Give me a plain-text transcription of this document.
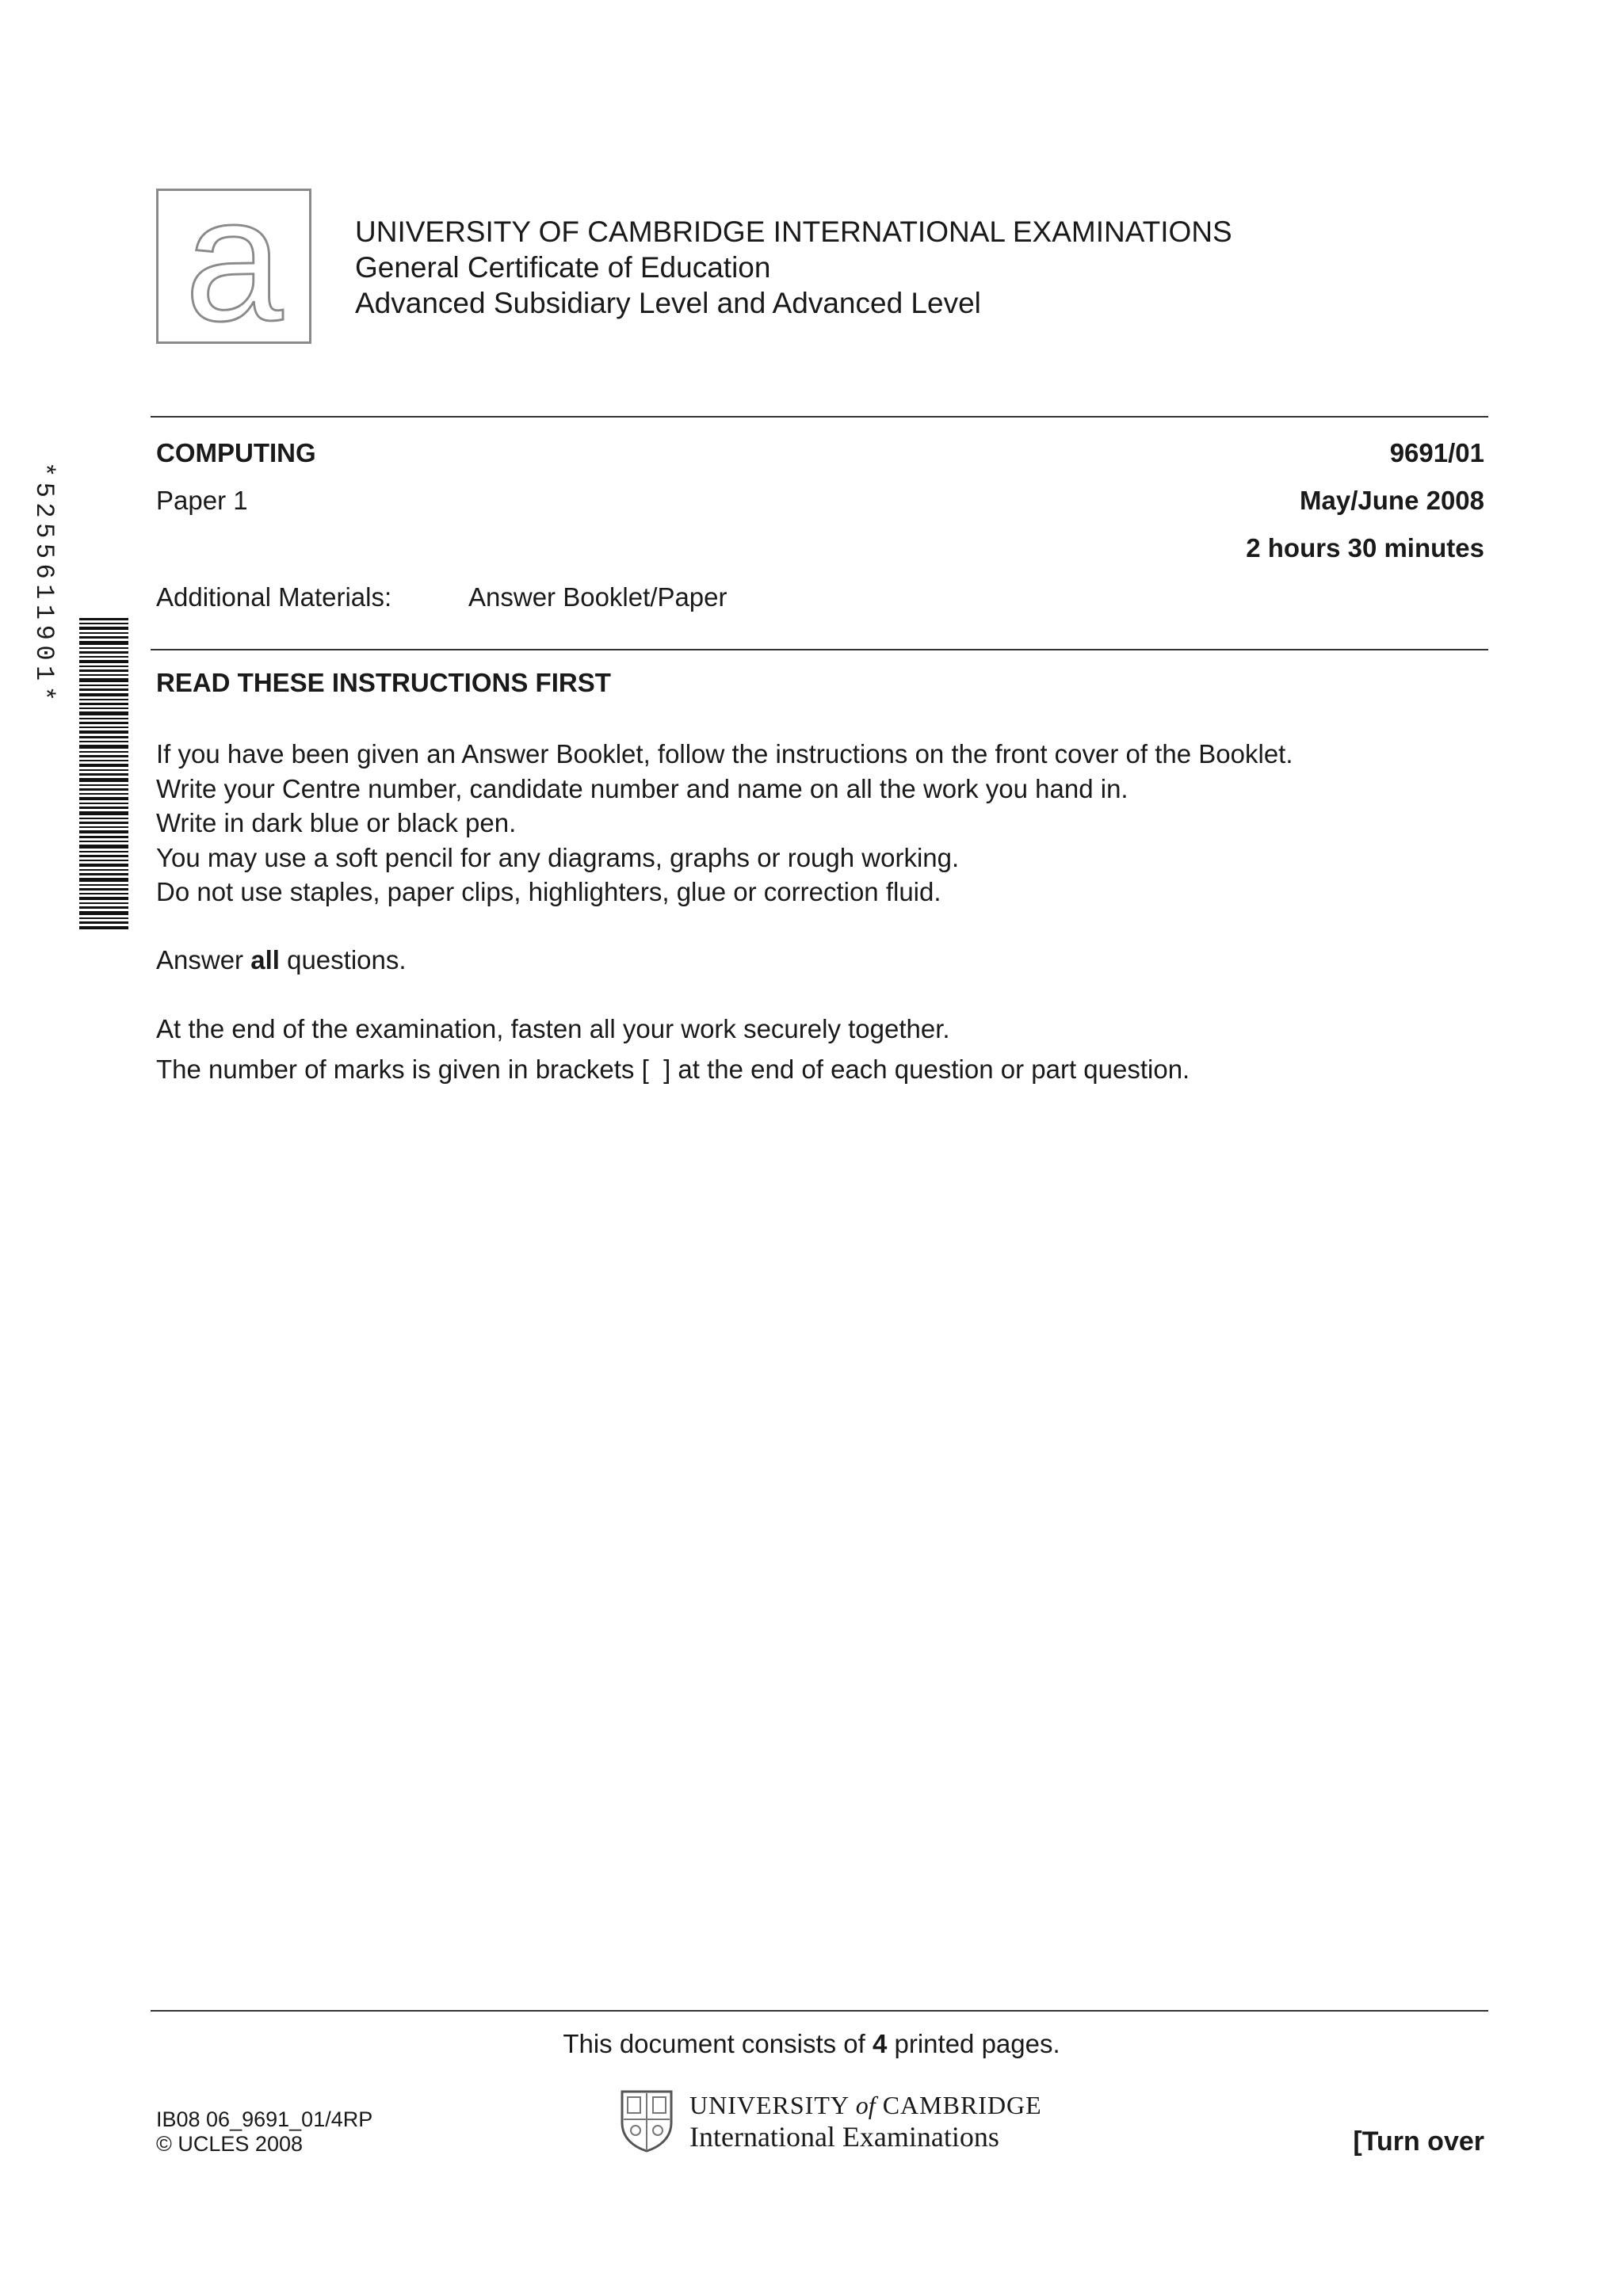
a UNIVERSITY OF CAMBRIDGE INTERNATIONAL EXAMINATIONS
General Certificate of Education
Advanced Subsidiary Level and Advanced Level
COMPUTING	9691/01
Paper 1	May/June 2008
2 hours 30 minutes
Additional Materials:	Answer Booklet/Paper
*5255611901*	READ THESE INSTRUCTIONS FIRST
If you have been given an Answer Booklet, follow the instructions on the front cover of the Booklet.
Write your Centre number, candidate number and name on all the work you hand in.
Write in dark blue or black pen.
You may use a soft pencil for any diagrams, graphs or rough working.
Do not use staples, paper clips, highlighters, glue or correction fluid.
Answer all questions.
At the end of the examination, fasten all your work securely together.
The number of marks is given in brackets [  ] at the end of each question or part question.
This document consists of 4 printed pages.
IB08 06_9691_01/4RP
© UCLES 2008
UNIVERSITY of CAMBRIDGE
International Examinations	[Turn over
